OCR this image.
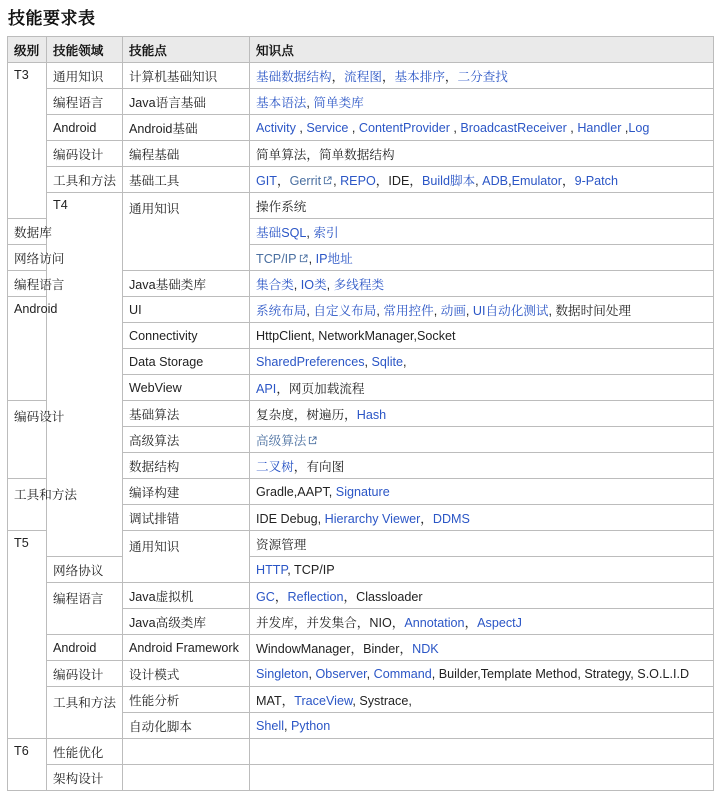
技能要求表
级别	技能领域	技能点	知识点	
T3	通用知识	计算机基础知识	基础数据结构，流程图，基本排序，二分查找	
	编程语言	Java语言基础	基本语法, 简单类库	
	Android	Android基础	Activity , Service , ContentProvider , BroadcastReceiver , Handler ,Log	
	编码设计	编程基础	简单算法，简单数据结构	
	工具和方法	基础工具	GIT，Gerrit , REPO，IDE，Build脚本, ADB,Emulator，9-Patch	
	T4	通用知识	操作系统	
数据库			基础SQL, 索引	
网络访问			TCP/IP , IP地址	
编程语言		Java基础类库	集合类, IO类, 多线程类	
Android		UI	系统布局, 自定义布局, 常用控件, 动画, UI自动化测试, 数据时间处理	
		Connectivity	HttpClient, NetworkManager,Socket	
		Data Storage	SharedPreferences, Sqlite,	
		WebView	API，网页加载流程	
编码设计		基础算法	复杂度，树遍历，Hash	
		高级算法	高级算法	
		数据结构	二叉树，有向图	
工具和方法		编译构建	Gradle,AAPT, Signature	
		调试排错	IDE Debug, Hierarchy Viewer，DDMS	
T5		通用知识	资源管理	
	网络协议		HTTP, TCP/IP	
	编程语言	Java虚拟机	GC，Reflection，Classloader	
		Java高级类库	并发库，并发集合，NIO，Annotation，AspectJ	
	Android	Android Framework	WindowManager，Binder，NDK	
	编码设计	设计模式	Singleton, Observer, Command, Builder,Template Method, Strategy, S.O.L.I.D	
	工具和方法	性能分析	MAT，TraceView, Systrace,	
		自动化脚本	Shell, Python	
T6	性能优化			
	架构设计			
